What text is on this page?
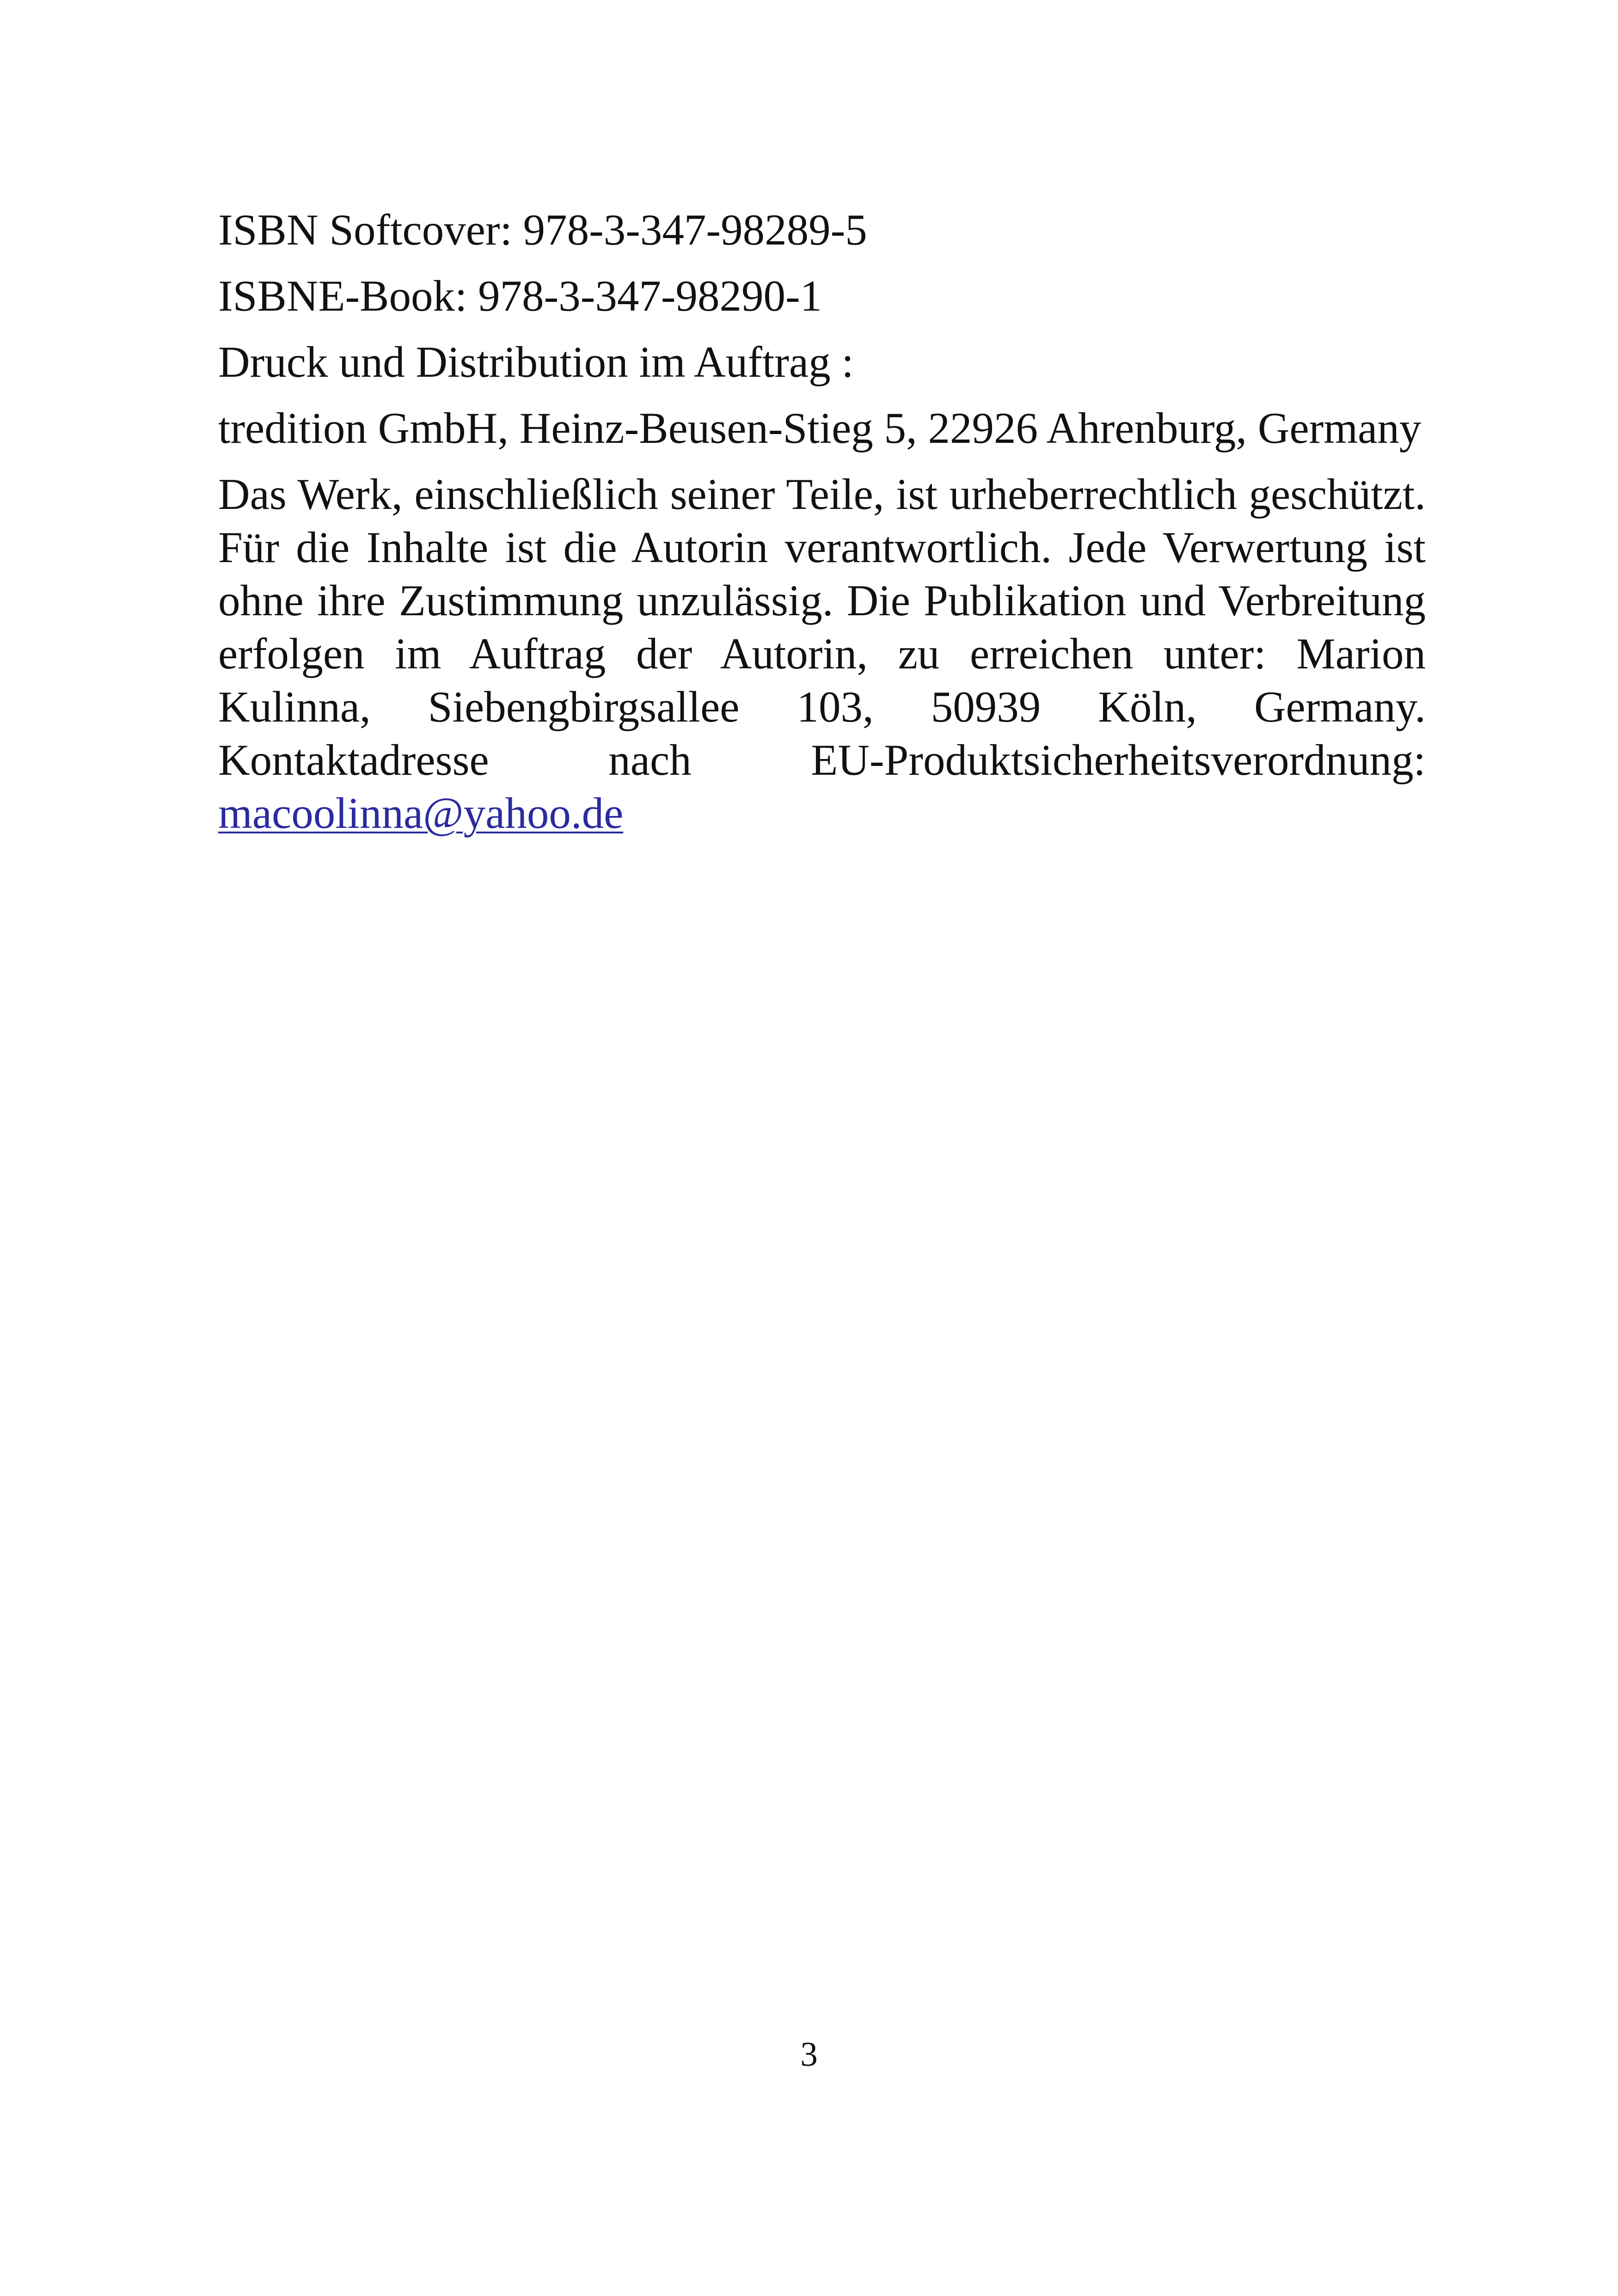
ISBN Softcover: 978-3-347-98289-5

ISBNE-Book: 978-3-347-98290-1

Druck und Distribution im Auftrag :

tredition GmbH, Heinz-Beusen-Stieg 5, 22926 Ahrenburg, Germany

Das Werk, einschließlich seiner Teile, ist urheberrechtlich geschützt. Für die Inhalte ist die Autorin verantwortlich. Jede Verwertung ist ohne ihre Zustimmung unzulässig. Die Publikation und Verbreitung erfolgen im Auftrag der Autorin, zu erreichen unter: Marion Kulinna, Siebengbirgsallee 103, 50939 Köln, Germany. Kontaktadresse nach EU-Produktsicherheitsverordnung: macoolinna@yahoo.de

3
